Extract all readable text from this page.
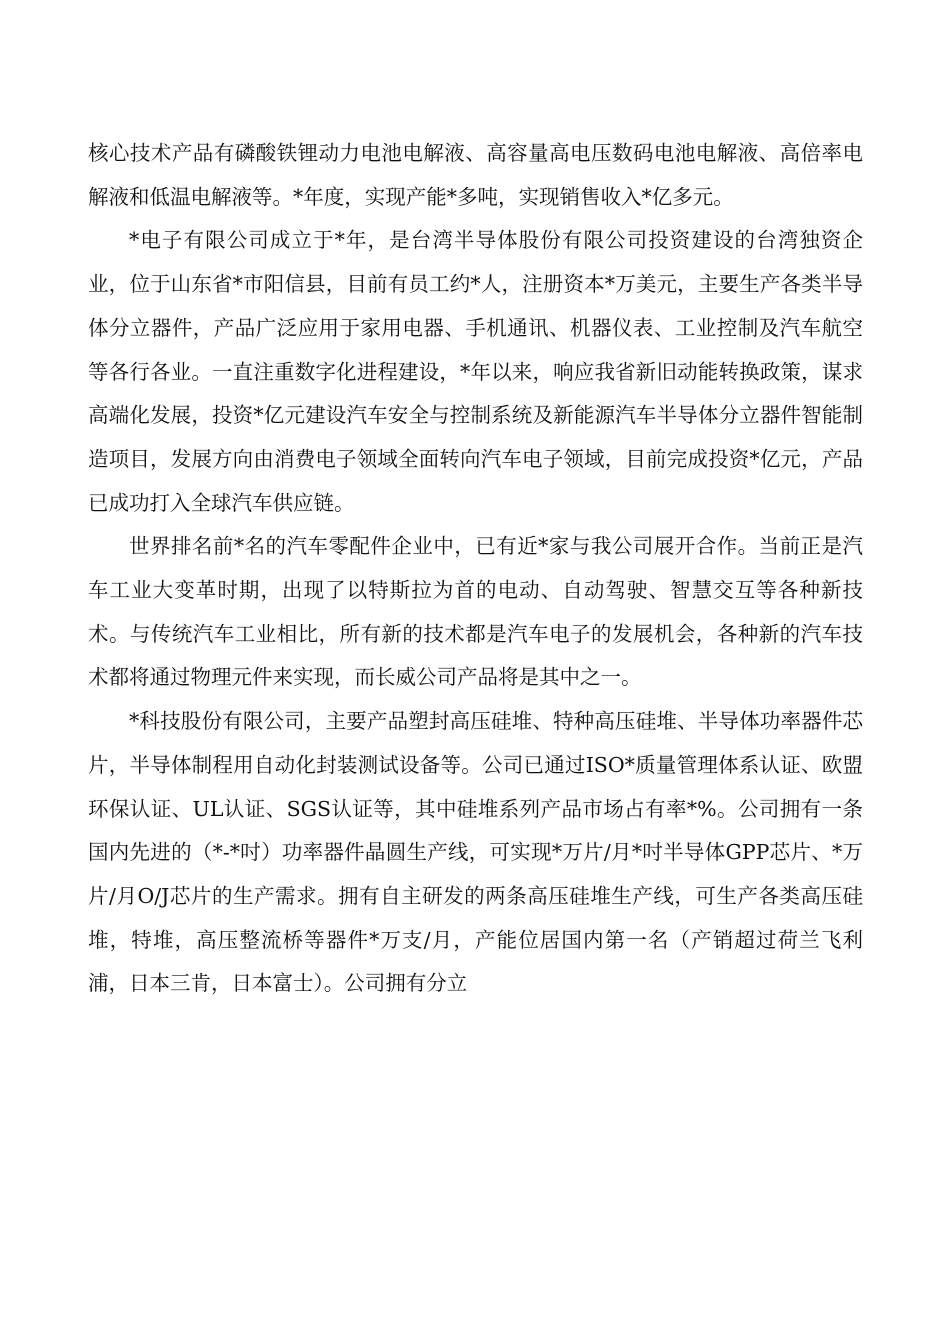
核心技术产品有磷酸铁锂动力电池电解液、高容量高电压数码电池电解液、高倍率电解液和低温电解液等。*年度，实现产能*多吨，实现销售收入*亿多元。

*电子有限公司成立于*年，是台湾半导体股份有限公司投资建设的台湾独资企业，位于山东省*市阳信县，目前有员工约*人，注册资本*万美元，主要生产各类半导体分立器件，产品广泛应用于家用电器、手机通讯、机器仪表、工业控制及汽车航空等各行各业。一直注重数字化进程建设，*年以来，响应我省新旧动能转换政策，谋求高端化发展，投资*亿元建设汽车安全与控制系统及新能源汽车半导体分立器件智能制造项目，发展方向由消费电子领域全面转向汽车电子领域，目前完成投资*亿元，产品已成功打入全球汽车供应链。

世界排名前*名的汽车零配件企业中，已有近*家与我公司展开合作。当前正是汽车工业大变革时期，出现了以特斯拉为首的电动、自动驾驶、智慧交互等各种新技术。与传统汽车工业相比，所有新的技术都是汽车电子的发展机会，各种新的汽车技术都将通过物理元件来实现，而长威公司产品将是其中之一。

*科技股份有限公司，主要产品塑封高压硅堆、特种高压硅堆、半导体功率器件芯片，半导体制程用自动化封装测试设备等。公司已通过ISO*质量管理体系认证、欧盟环保认证、UL认证、SGS认证等，其中硅堆系列产品市场占有率*%。公司拥有一条国内先进的（*-*吋）功率器件晶圆生产线，可实现*万片/月*吋半导体GPP芯片、*万片/月O/J芯片的生产需求。拥有自主研发的两条高压硅堆生产线，可生产各类高压硅堆，特堆，高压整流桥等器件*万支/月，产能位居国内第一名（产销超过荷兰飞利浦，日本三肯，日本富士）。公司拥有分立
